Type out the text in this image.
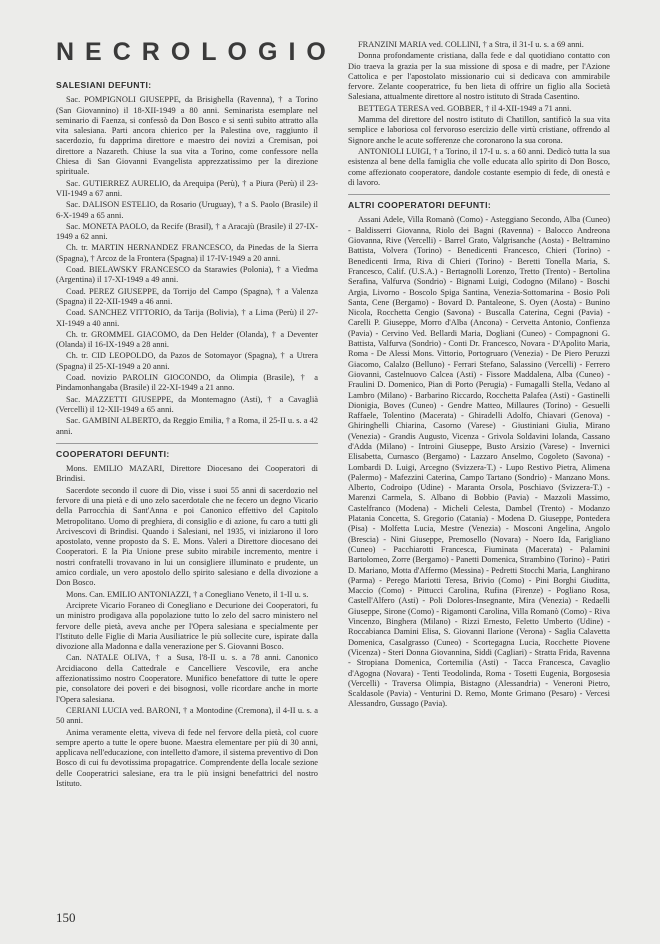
NECROLOGIO
SALESIANI DEFUNTI:

Sac. POMPIGNOLI GIUSEPPE, da Brisighella (Ravenna), † a Torino (San Giovannino) il 18-XII-1949 a 80 anni. Seminarista esemplare nel seminario di Faenza, si confessò da Don Bosco e si sentì subito attratto alla vita salesiana. Parti ancora chierico per la Palestina ove, raggiunto il sacerdozio, fu dapprima direttore e maestro dei novizi a Cremisan, poi direttore a Nazareth. Chiuse la sua vita a Torino, come confessore nella Chiesa di San Giovanni Evangelista apprezzatissimo per la direzione spirituale.

Sac. GUTIERREZ AURELIO, da Arequipa (Perù), † a Piura (Perù) il 23-VII-1949 a 67 anni.

Sac. DALISON ESTELIO, da Rosario (Uruguay), † a S. Paolo (Brasile) il 6-X-1949 a 65 anni.

Sac. MONETA PAOLO, da Recife (Brasil), † a Aracajù (Brasile) il 27-IX-1949 a 62 anni.

Ch. tr. MARTIN HERNANDEZ FRANCESCO, da Pinedas de la Sierra (Spagna), † Arcoz de la Frontera (Spagna) il 17-IV-1949 a 20 anni.

Coad. BIELAWSKY FRANCESCO da Starawies (Polonia), † a Viedma (Argentina) il 17-XI-1949 a 49 anni.

Coad. PEREZ GIUSEPPE, da Torrijo del Campo (Spagna), † a Valenza (Spagna) il 22-XII-1949 a 46 anni.

Coad. SANCHEZ VITTORIO, da Tarija (Bolivia), † a Lima (Perù) il 27-XI-1949 a 40 anni.

Ch. tr. GROMMEL GIACOMO, da Den Helder (Olanda), † a Deventer (Olanda) il 16-IX-1949 a 28 anni.

Ch. tr. CID LEOPOLDO, da Pazos de Sotomayor (Spagna), † a Utrera (Spagna) il 25-XI-1949 a 20 anni.

Coad. novizio PAROLIN GIOCONDO, da Olimpia (Brasile), † a Pindamonhangaba (Brasile) il 22-XI-1949 a 21 anno.

Sac. MAZZETTI GIUSEPPE, da Montemagno (Asti), † a Cavaglià (Vercelli) il 12-XII-1949 a 65 anni.

Sac. GAMBINI ALBERTO, da Reggio Emilia, † a Roma, il 25-II u. s. a 42 anni.

COOPERATORI DEFUNTI:

Mons. EMILIO MAZARI, Direttore Diocesano dei Cooperatori di Brindisi.

Sacerdote secondo il cuore di Dio, visse i suoi 55 anni di sacerdozio nel fervore di una pietà e di uno zelo sacerdotale che ne fecero un degno Vicario della Parrocchia di Sant'Anna e poi Canonico effettivo del Capitolo Metropolitano. Uomo di preghiera, di consiglio e di azione, fu caro a tutti gli Arcivescovi di Brindisi. Quando i Salesiani, nel 1935, vi iniziarono il loro apostolato, venne proposto da S. E. Mons. Valeri a Direttore diocesano dei Cooperatori. E la Pia Unione prese subito mirabile incremento, mentre i nostri confratelli trovavano in lui un consigliere illuminato e prudente, un amico cordiale, un vero apostolo dello spirito salesiano e della divozione a Don Bosco.

Mons. Can. EMILIO ANTONIAZZI, † a Conegliano Veneto, il 1-II u. s.

Arciprete Vicario Foraneo di Conegliano e Decurione dei Cooperatori, fu un ministro prodigava alla popolazione tutto lo zelo del sacro ministero nel fervore delle pietà, aveva anche per l'Opera salesiana e specialmente per l'Istituto delle Figlie di Maria Ausiliatrice le più sollecite cure, ispirate dalla divozione alla Madonna e dalla venerazione per S. Giovanni Bosco.

Can. NATALE OLIVA, † a Susa, l'8-II u. s. a 78 anni. Canonico Arcidiacono della Cattedrale e Cancelliere Vescovile, era anche affezionatissimo nostro Cooperatore. Munifico benefattore di tutte le opere pie, consolatore dei poveri e dei bisognosi, volle ricordare anche in morte l'Opera salesiana.

CERIANI LUCIA ved. BARONI, † a Montodine (Cremona), il 4-II u. s. a 50 anni.

Anima veramente eletta, viveva di fede nel fervore della pietà, col cuore sempre aperto a tutte le opere buone. Maestra elementare per più di 30 anni, applicava nell'educazione, con intelletto d'amore, il sistema preventivo di Don Bosco di cui fu devotissima propagatrice. Comprendente della locale sezione delle Cooperatrici salesiane, era tra le più insigni benefattrici del nostro Istituto.

FRANZINI MARIA ved. COLLINI, † a Stra, il 31-I u. s. a 69 anni.

Donna profondamente cristiana, dalla fede e dal quotidiano contatto con Dio traeva la grazia per la sua missione di sposa e di madre, per l'Azione Cattolica e per l'apostolato missionario cui si dedicava con ammirabile fervore. Zelante cooperatrice, fu ben lieta di offrire un figlio alla Società Salesiana, attualmente direttore al nostro istituto di Strada Casentino.

BETTEGA TERESA ved. GOBBER, † il 4-XII-1949 a 71 anni.

Mamma del direttore del nostro istituto di Chatillon, santificò la sua vita semplice e laboriosa col fervoroso esercizio delle virtù cristiane, offrendo al Signore anche le acute sofferenze che coronarono la sua corona.

ANTONIOLI LUIGI, † a Torino, il 17-I u. s. a 60 anni. Dedicò tutta la sua esistenza al bene della famiglia che volle educata allo spirito di Don Bosco, come affezionato cooperatore, dandole costante esempio di fede, di onestà e di lavoro.

ALTRI COOPERATORI DEFUNTI:

Assani Adele, Villa Romanò (Como) - Asteggiano Secondo, Alba (Cuneo) - Baldisserri Giovanna, Riolo dei Bagni (Ravenna) - Balocco Andreona Giovanna, Rive (Vercelli) - Barrel Grato, Valgrisanche (Aosta) - Beltramino Battista, Volvera (Torino) - Benedicenti Francesco, Chieri (Torino) - Benedicenti Irma, Riva di Chieri (Torino) - Beretti Tonella Maria, S. Francesco, Calif. (U.S.A.) - Bertagnolli Lorenzo, Tretto (Trento) - Bertolina Serafina, Valfurva (Sondrio) - Bignami Luigi, Codogno (Milano) - Boschi Argia, Livorno - Boscolo Spiga Santina, Venezia-Sottomarina - Bosio Poli Santa, Cene (Bergamo) - Bovard D. Pantaleone, S. Oyen (Aosta) - Bunino Nicola, Rocchetta Cengio (Savona) - Buscalla Caterina, Cegni (Pavia) - Carelli P. Giuseppe, Morro d'Alba (Ancona) - Cervetta Antonio, Confienza (Pavia) - Cervino Ved. Bellardi Maria, Dogliani (Cuneo) - Compagnoni G. Battista, Valfurva (Sondrio) - Conti Dr. Francesco, Novara - D'Apolito Maria, Roma - De Alessi Mons. Vittorio, Portogruaro (Venezia) - De Piero Peruzzi Giacomo, Calalzo (Belluno) - Ferrari Stefano, Salassino (Vercelli) - Ferrero Giovanni, Castelnuovo Calcea (Asti) - Fissore Maddalena, Alba (Cuneo) - Fraulini D. Domenico, Pian di Porto (Perugia) - Fumagalli Stella, Vedano al Lambro (Milano) - Barbarino Riccardo, Rocchetta Palafea (Asti) - Gastinelli Dionigia, Boves (Cuneo) - Gendre Matteo, Millaures (Torino) - Gesuelli Raffaele, Tolentino (Macerata) - Ghiradelli Adolfo, Chiavari (Genova) - Ghiringhelli Chiarina, Casorno (Varese) - Giustiniani Giulia, Mirano (Venezia) - Grandis Augusto, Vicenza - Grivola Soldavini Iolanda, Cassano d'Adda (Milano) - Introini Giuseppe, Busto Arsizio (Varese) - Invernici Elisabetta, Curnasco (Bergamo) - Lazzaro Anselmo, Cogoleto (Savona) - Lombardi D. Luigi, Arcegno (Svizzera-T.) - Lupo Restivo Pietra, Alimena (Palermo) - Mafezzini Caterina, Campo Tartano (Sondrio) - Manzano Mons. Alberto, Codroipo (Udine) - Maranta Orsola, Poschiavo (Svizzera-T.) - Marenzi Carmela, S. Albano di Bobbio (Pavia) - Mazzoli Massimo, Castelfranco (Modena) - Micheli Celesta, Dambel (Trento) - Modanzo Platania Concetta, S. Gregorio (Catania) - Modena D. Giuseppe, Pontedera (Pisa) - Molfetta Lucia, Mestre (Venezia) - Mosconi Angelina, Angolo (Brescia) - Nini Giuseppe, Premosello (Novara) - Noero Ida, Farigliano (Cuneo) - Pacchiarotti Francesca, Fiuminata (Macerata) - Palamini Bartolomeo, Zorre (Bergamo) - Panetti Domenica, Strambino (Torino) - Patiri D. Mariano, Motta d'Affermo (Messina) - Pedretti Stocchi Maria, Langhirano (Parma) - Perego Mariotti Teresa, Brivio (Como) - Pini Borghi Giuditta, Maccio (Como) - Pittucci Carolina, Rufina (Firenze) - Pogliano Rosa, Castell'Alfero (Asti) - Poli Dolores-Insegnante, Mira (Venezia) - Redaelli Giuseppe, Sirone (Como) - Rigamonti Carolina, Villa Romanò (Como) - Riva Vincenzo, Binghera (Milano) - Rizzi Ernesto, Feletto Umberto (Udine) - Roccabianca Damini Elisa, S. Giovanni Ilarione (Verona) - Saglia Calavetta Domenica, Casalgrasso (Cuneo) - Scortegagna Lucia, Rocchette Piovene (Vicenza) - Steri Donna Giovannina, Siddi (Cagliari) - Stratta Frida, Ravenna - Stropiana Domenica, Cortemilia (Asti) - Tacca Francesca, Cavaglio d'Agogna (Novara) - Tenti Teodolinda, Roma - Tosetti Eugenia, Borgosesia (Vercelli) - Traversa Olimpia, Bistagno (Alessandria) - Veneroni Pietro, Scaldasole (Pavia) - Venturini D. Remo, Monte Grimano (Pesaro) - Vercesi Alessandro, Gussago (Pavia).

150
